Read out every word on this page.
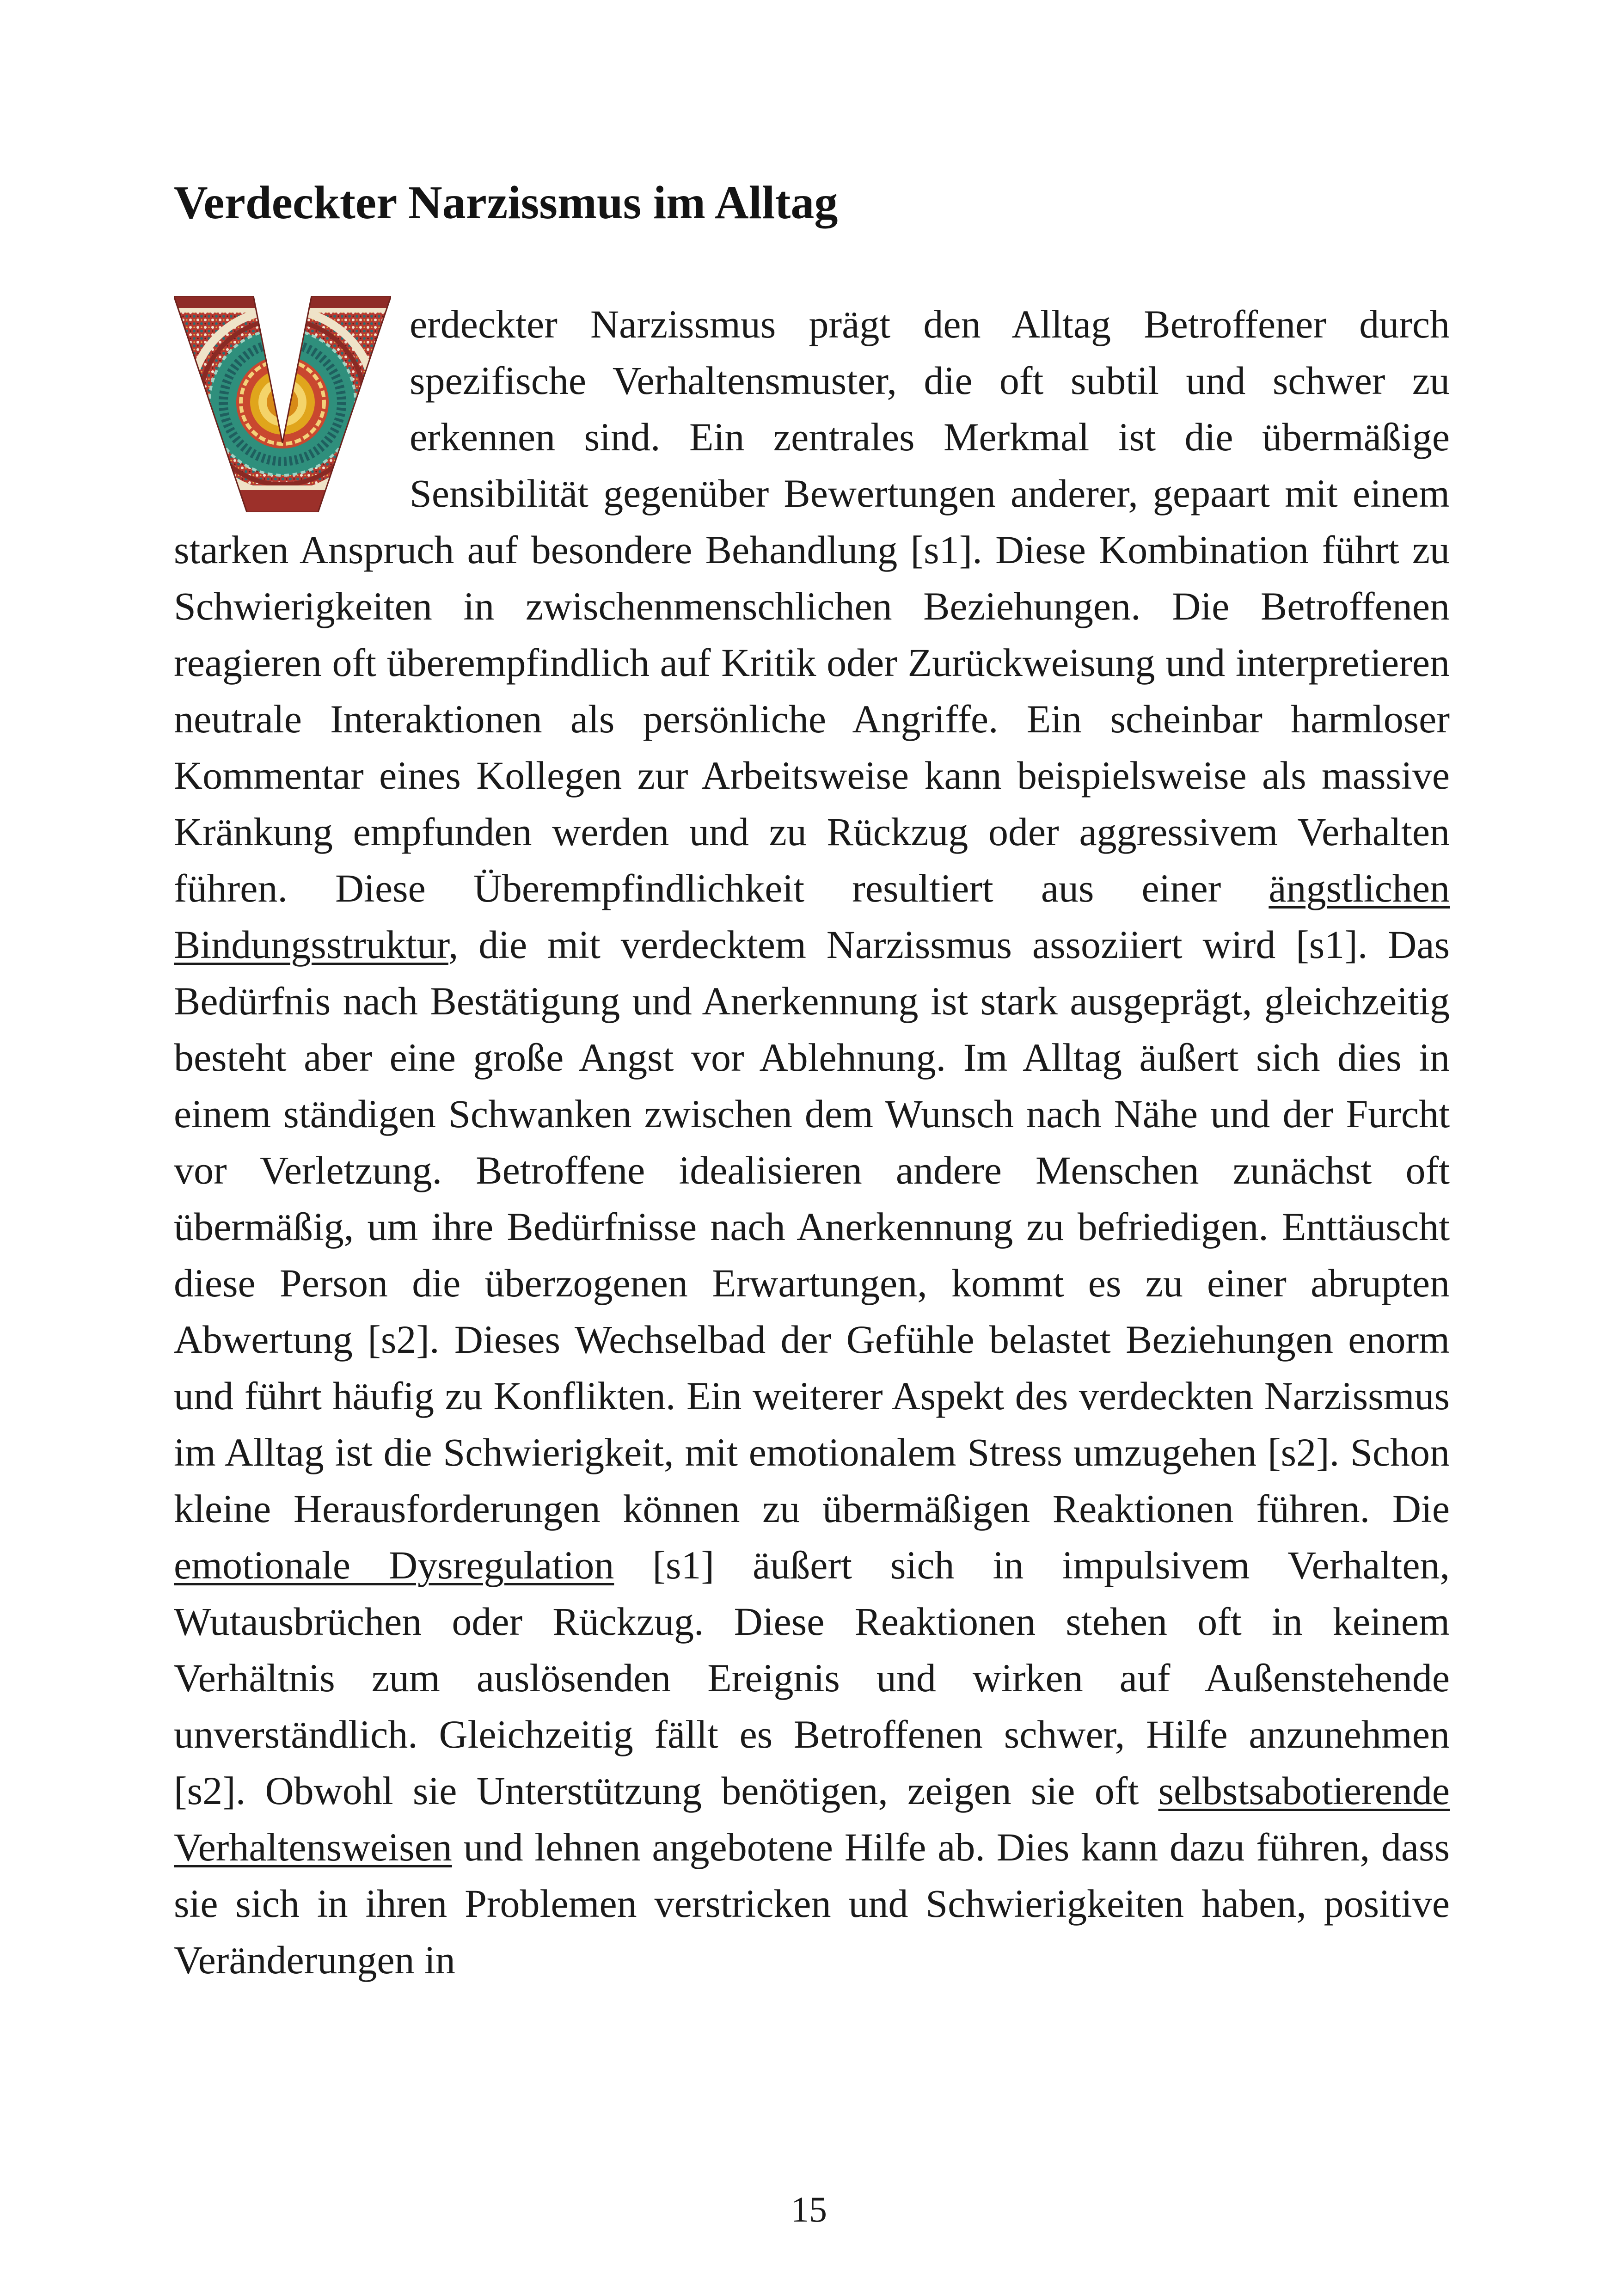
Verdeckter Narzissmus im Alltag
erdeckter Narzissmus prägt den Alltag Betroffener durch spezifische Verhaltensmuster, die oft subtil und schwer zu erkennen sind. Ein zentrales Merkmal ist die übermäßige Sensibilität gegenüber Bewertungen anderer, gepaart mit einem starken Anspruch auf besondere Behandlung [s1]. Diese Kombination führt zu Schwierigkeiten in zwischenmenschlichen Beziehungen. Die Betroffenen reagieren oft überempfindlich auf Kritik oder Zurückweisung und interpretieren neutrale Interaktionen als persönliche Angriffe. Ein scheinbar harmloser Kommentar eines Kollegen zur Arbeitsweise kann beispielsweise als massive Kränkung empfunden werden und zu Rückzug oder aggressivem Verhalten führen. Diese Überempfindlichkeit resultiert aus einer ängstlichen Bindungsstruktur, die mit verdecktem Narzissmus assoziiert wird [s1]. Das Bedürfnis nach Bestätigung und Anerkennung ist stark ausgeprägt, gleichzeitig besteht aber eine große Angst vor Ablehnung. Im Alltag äußert sich dies in einem ständigen Schwanken zwischen dem Wunsch nach Nähe und der Furcht vor Verletzung. Betroffene idealisieren andere Menschen zunächst oft übermäßig, um ihre Bedürfnisse nach Anerkennung zu befriedigen. Enttäuscht diese Person die überzogenen Erwartungen, kommt es zu einer abrupten Abwertung [s2]. Dieses Wechselbad der Gefühle belastet Beziehungen enorm und führt häufig zu Konflikten. Ein weiterer Aspekt des verdeckten Narzissmus im Alltag ist die Schwierigkeit, mit emotionalem Stress umzugehen [s2]. Schon kleine Herausforderungen können zu übermäßigen Reaktionen führen. Die emotionale Dysregulation [s1] äußert sich in impulsivem Verhalten, Wutausbrüchen oder Rückzug. Diese Reaktionen stehen oft in keinem Verhältnis zum auslösenden Ereignis und wirken auf Außenstehende unverständlich. Gleichzeitig fällt es Betroffenen schwer, Hilfe anzunehmen [s2]. Obwohl sie Unterstützung benötigen, zeigen sie oft selbstsabotierende Verhaltensweisen und lehnen angebotene Hilfe ab. Dies kann dazu führen, dass sie sich in ihren Problemen verstricken und Schwierigkeiten haben, positive Veränderungen in
15
